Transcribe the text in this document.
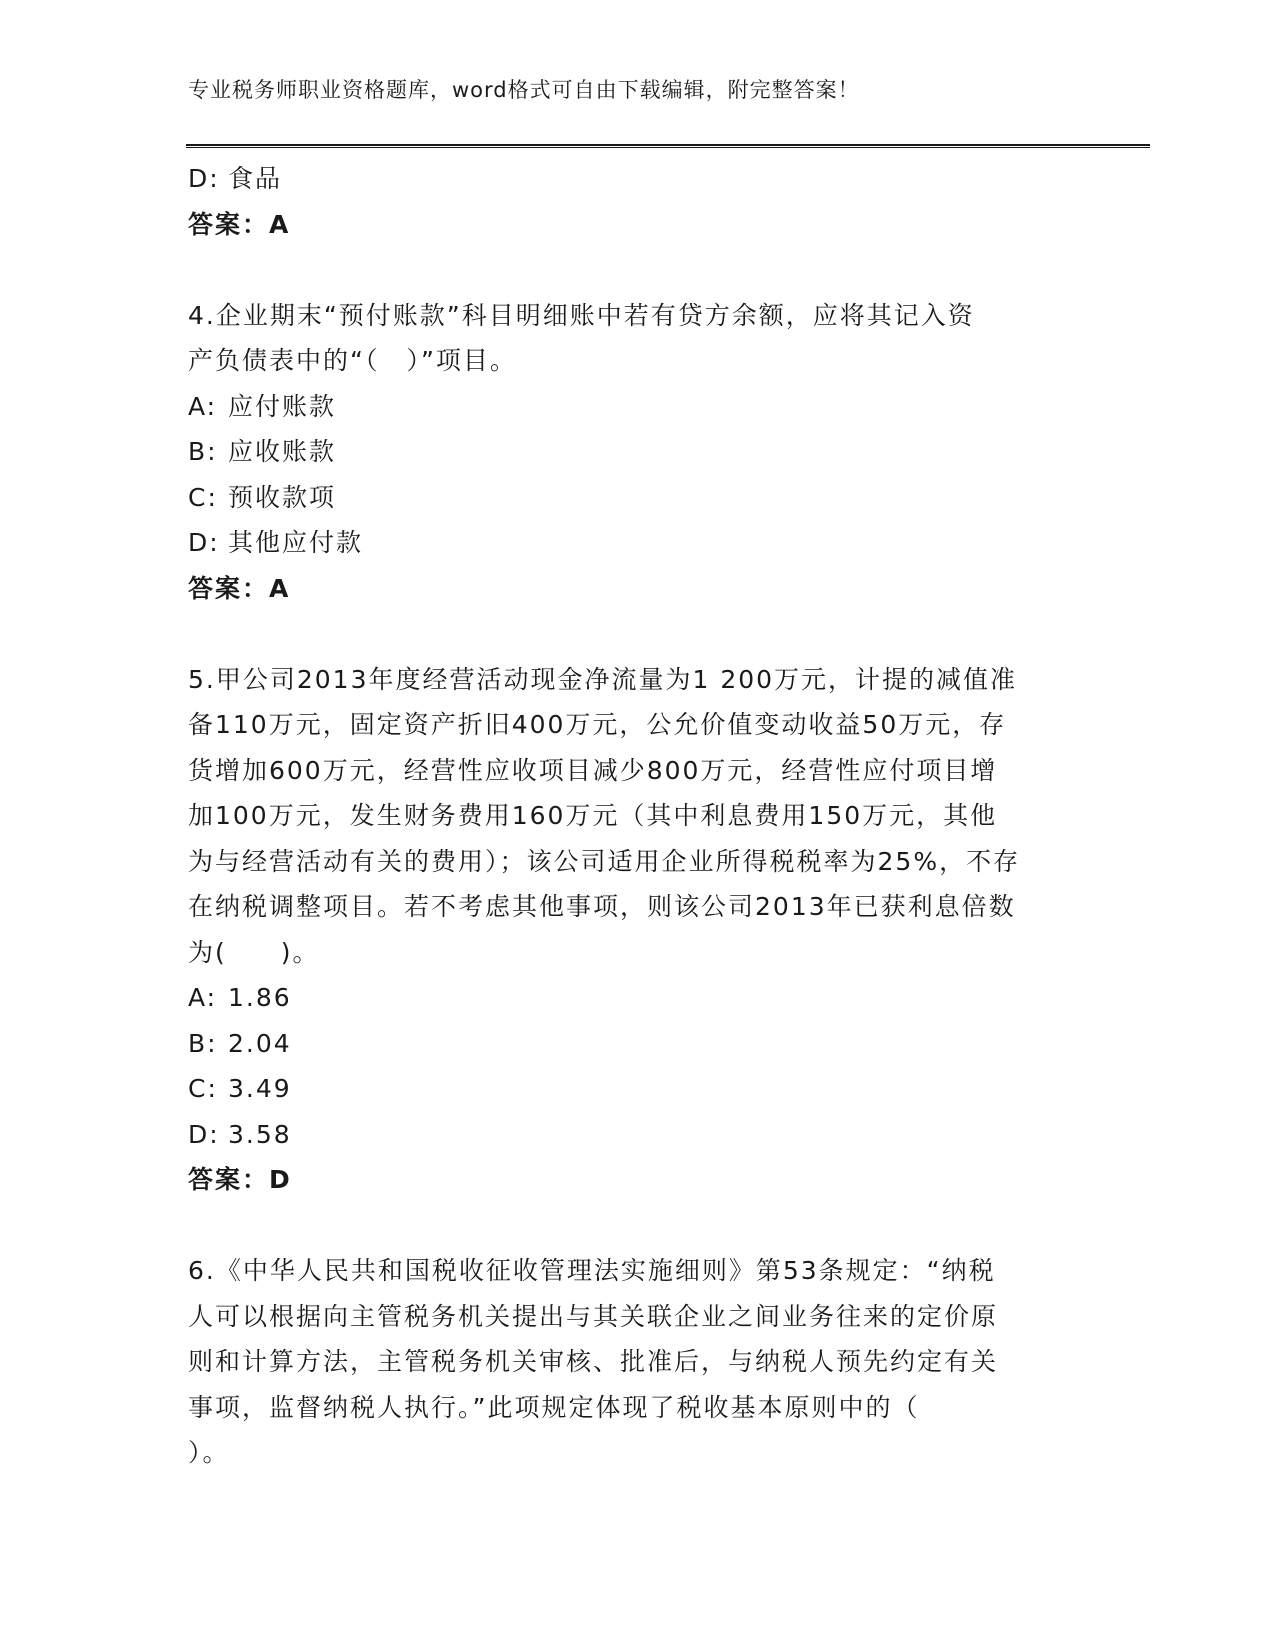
专业税务师职业资格题库，word格式可自由下载编辑，附完整答案！
D: 食品
答案：A
4.企业期末“预付账款”科目明细账中若有贷方余额，应将其记入资
产负债表中的“（　）”项目。
A: 应付账款
B: 应收账款
C: 预收款项
D: 其他应付款
答案：A
5.甲公司2013年度经营活动现金净流量为1 200万元，计提的减值准
备110万元，固定资产折旧400万元，公允价值变动收益50万元，存
货增加600万元，经营性应收项目减少800万元，经营性应付项目增
加100万元，发生财务费用160万元（其中利息费用150万元，其他
为与经营活动有关的费用）；该公司适用企业所得税税率为25%，不存
在纳税调整项目。若不考虑其他事项，则该公司2013年已获利息倍数
为(　　)。
A: 1.86
B: 2.04
C: 3.49
D: 3.58
答案：D
6.《中华人民共和国税收征收管理法实施细则》第53条规定：“纳税
人可以根据向主管税务机关提出与其关联企业之间业务往来的定价原
则和计算方法，主管税务机关审核、批准后，与纳税人预先约定有关
事项，监督纳税人执行。”此项规定体现了税收基本原则中的（
）。
